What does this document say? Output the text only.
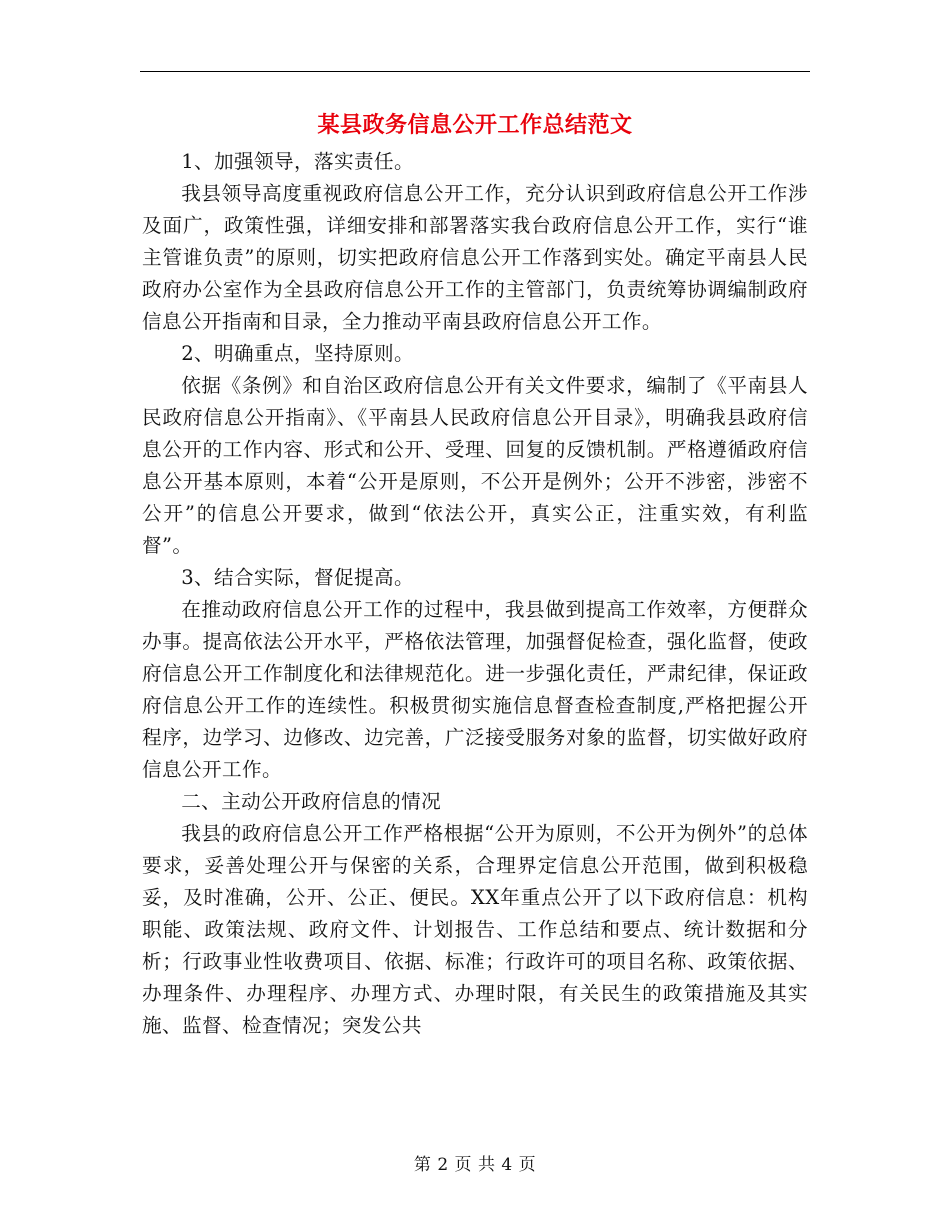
某县政务信息公开工作总结范文

1、加强领导，落实责任。

我县领导高度重视政府信息公开工作，充分认识到政府信息公开工作涉及面广，政策性强，详细安排和部署落实我台政府信息公开工作，实行“谁主管谁负责”的原则，切实把政府信息公开工作落到实处。确定平南县人民政府办公室作为全县政府信息公开工作的主管部门，负责统筹协调编制政府信息公开指南和目录，全力推动平南县政府信息公开工作。

2、明确重点，坚持原则。

依据《条例》和自治区政府信息公开有关文件要求，编制了《平南县人民政府信息公开指南》、《平南县人民政府信息公开目录》，明确我县政府信息公开的工作内容、形式和公开、受理、回复的反馈机制。严格遵循政府信息公开基本原则，本着“公开是原则，不公开是例外；公开不涉密，涉密不公开”的信息公开要求，做到“依法公开，真实公正，注重实效，有利监督”。

3、结合实际，督促提高。

在推动政府信息公开工作的过程中，我县做到提高工作效率，方便群众办事。提高依法公开水平，严格依法管理，加强督促检查，强化监督，使政府信息公开工作制度化和法律规范化。进一步强化责任，严肃纪律，保证政府信息公开工作的连续性。积极贯彻实施信息督查检查制度,严格把握公开程序，边学习、边修改、边完善，广泛接受服务对象的监督，切实做好政府信息公开工作。

二、主动公开政府信息的情况

我县的政府信息公开工作严格根据“公开为原则，不公开为例外”的总体要求，妥善处理公开与保密的关系，合理界定信息公开范围，做到积极稳妥，及时准确，公开、公正、便民。XX年重点公开了以下政府信息：机构职能、政策法规、政府文件、计划报告、工作总结和要点、统计数据和分析；行政事业性收费项目、依据、标准；行政许可的项目名称、政策依据、办理条件、办理程序、办理方式、办理时限，有关民生的政策措施及其实施、监督、检查情况；突发公共

第 2 页 共 4 页
